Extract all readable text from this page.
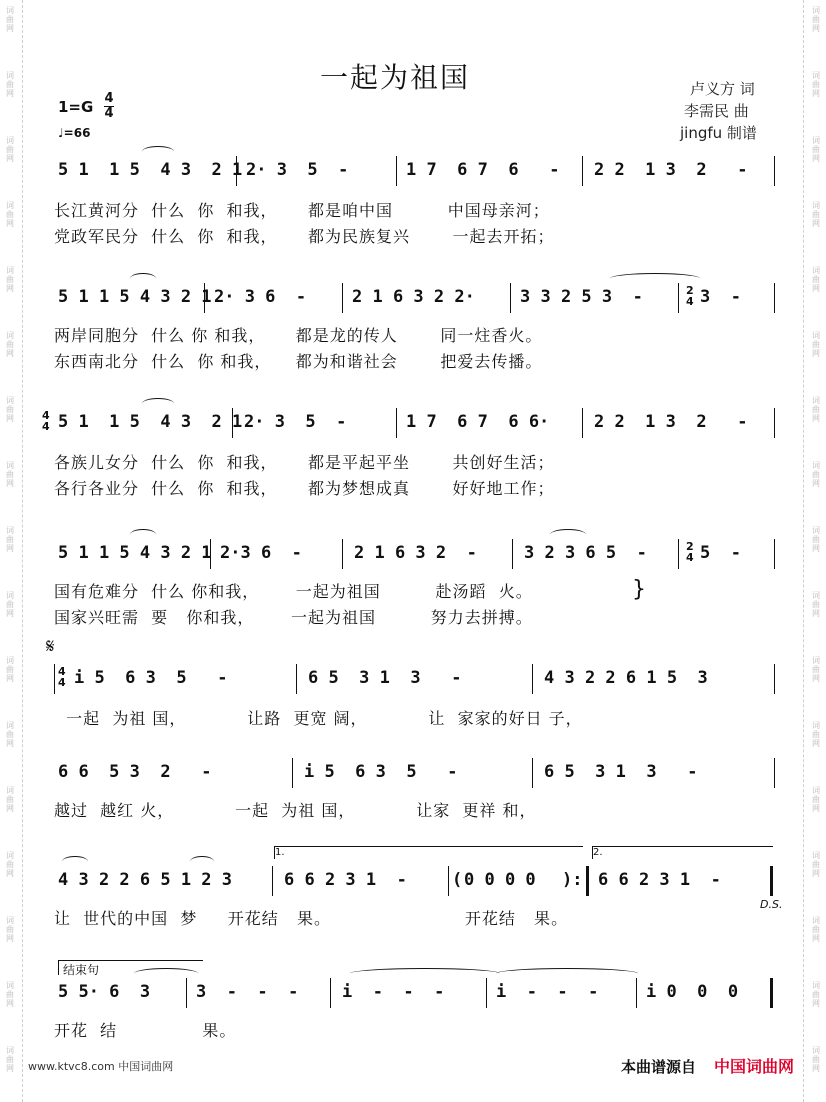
词
曲
网
词
曲
网
词
曲
网
词
曲
网
词
曲
网
词
曲
网
词
曲
网
词
曲
网
词
曲
网
词
曲
网
词
曲
网
词
曲
网
词
曲
网
词
曲
网
词
曲
网
词
曲
网
词
曲
网
词
曲
网
词
曲
网
词
曲
网
词
曲
网
词
曲
网
词
曲
网
词
曲
网
词
曲
网
词
曲
网
词
曲
网
词
曲
网
词
曲
网
词
曲
网
词
曲
网
词
曲
网
词
曲
网
词
曲
网
一起为祖国	卢义方 词
李需民 曲
jingfu 制谱
1=G 4
4
♩=66
5 1  1 5  4 3  2 1 2· 3  5  -	1 7  6 7  6   - 2 2  1 3  2   -
长江黄河分  什么  你  和我，     都是咱中国         中国母亲河；
党政军民分  什么  你  和我，     都为民族复兴       一起去开拓；
5 1 1 5 4 3 2 1 2· 3 6  -	2 1 6 3 2 2·	3 3 2 5 3  -	2
4 3  -
两岸同胞分  什么 你 和我，     都是龙的传人       同一炷香火。
东西南北分  什么  你 和我，    都为和谐社会       把爱去传播。
4
4 5 1  1 5  4 3  2 1 2· 3  5  -	1 7  6 7  6 6·	2 2  1 3  2   -
各族儿女分  什么  你  和我，     都是平起平坐       共创好生活；
各行各业分  什么  你  和我，     都为梦想成真       好好地工作；
5 1 1 5 4 3 2 1 2·3 6  -	2 1 6 3 2  -	3 2 3 6 5  -	2
4 5  -
国有危难分  什么 你和我，      一起为祖国         赴汤蹈  火。
国家兴旺需  要   你和我，      一起为祖国         努力去拼搏。
}
𝄋
4
4 i 5  6 3  5   -	6 5  3 1  3   -	4 3 2 2 6 1 5  3
一起  为祖 国，          让路  更宽 阔，          让  家家的好日 子，
6 6  5 3  2   -	i 5  6 3  5   -	6 5  3 1  3   -
越过  越红 火，          一起  为祖 国，          让家  更祥 和，
1.	2.
4 3 2 2 6 5 1 2 3	6 6 2 3 1  -	( 0 0 0 0 ): 6 6 2 3 1  -
让  世代的中国  梦     开花结   果。                      开花结   果。
D.S.
结束句
5 5· 6  3	3  -  -  -	i  -  -  -	i  -  -  -	i 0  0  0
开花  结              果。
www.ktvc8.com 中国词曲网	本曲谱源自 中国词曲网
